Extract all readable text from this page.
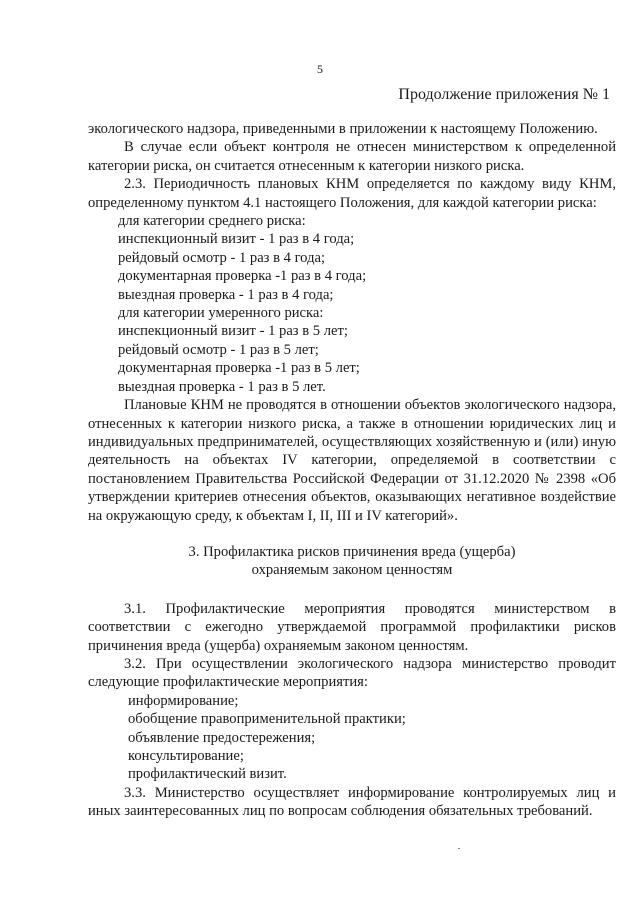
5
Продолжение приложения № 1

экологического надзора, приведенными в приложении к настоящему Положению.

В случае если объект контроля не отнесен министерством к определенной категории риска, он считается отнесенным к категории низкого риска.

2.3. Периодичность плановых КНМ определяется по каждому виду КНМ, определенному пунктом 4.1 настоящего Положения, для каждой категории риска:

для категории среднего риска:

инспекционный визит - 1 раз в 4 года;

рейдовый осмотр - 1 раз в 4 года;

документарная проверка -1 раз в 4 года;

выездная проверка - 1 раз в 4 года;

для категории умеренного риска:

инспекционный визит - 1 раз в 5 лет;

рейдовый осмотр - 1 раз в 5 лет;

документарная проверка -1 раз в 5 лет;

выездная проверка - 1 раз в 5 лет.

Плановые КНМ не проводятся в отношении объектов экологического надзора, отнесенных к категории низкого риска, а также в отношении юридических лиц и индивидуальных предпринимателей, осуществляющих хозяйственную и (или) иную деятельность на объектах IV категории, определяемой в соответствии с постановлением Правительства Российской Федерации от 31.12.2020 № 2398 «Об утверждении критериев отнесения объектов, оказывающих негативное воздействие на окружающую среду, к объектам I, II, III и IV категорий».

3. Профилактика рисков причинения вреда (ущерба)

охраняемым законом ценностям

3.1. Профилактические мероприятия проводятся министерством в соответствии с ежегодно утверждаемой программой профилактики рисков причинения вреда (ущерба) охраняемым законом ценностям.

3.2. При осуществлении экологического надзора министерство проводит следующие профилактические мероприятия:

информирование;

обобщение правоприменительной практики;

объявление предостережения;

консультирование;

профилактический визит.

3.3. Министерство осуществляет информирование контролируемых лиц и иных заинтересованных лиц по вопросам соблюдения обязательных требований.
